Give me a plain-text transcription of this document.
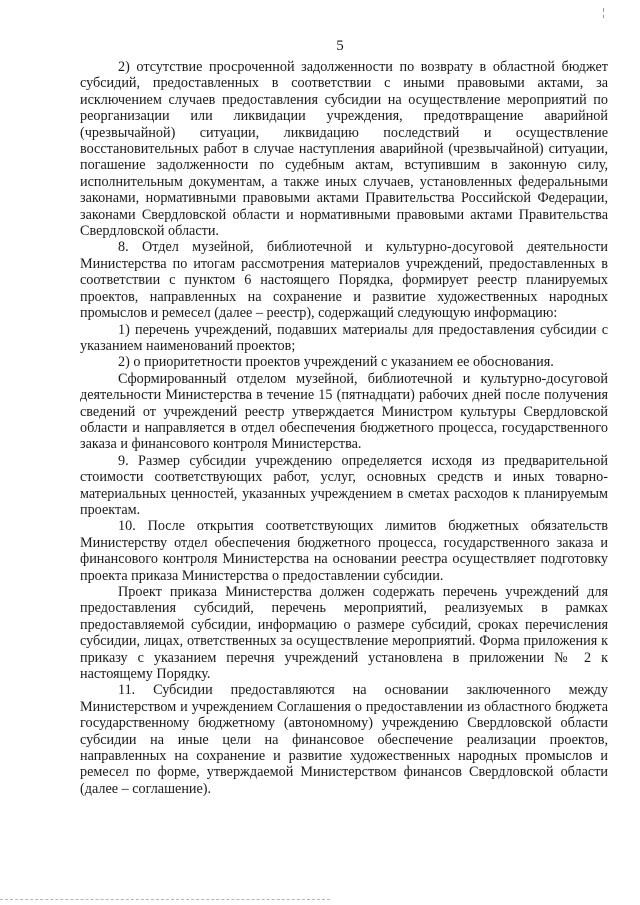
5

2) отсутствие просроченной задолженности по возврату в областной бюджет субсидий, предоставленных в соответствии с иными правовыми актами, за исключением случаев предоставления субсидии на осуществление мероприятий по реорганизации или ликвидации учреждения, предотвращение аварийной (чрезвычайной) ситуации, ликвидацию последствий и осуществление восстановительных работ в случае наступления аварийной (чрезвычайной) ситуации, погашение задолженности по судебным актам, вступившим в законную силу, исполнительным документам, а также иных случаев, установленных федеральными законами, нормативными правовыми актами Правительства Российской Федерации, законами Свердловской области и нормативными правовыми актами Правительства Свердловской области.

8. Отдел музейной, библиотечной и культурно-досуговой деятельности Министерства по итогам рассмотрения материалов учреждений, предоставленных в соответствии с пунктом 6 настоящего Порядка, формирует реестр планируемых проектов, направленных на сохранение и развитие художественных народных промыслов и ремесел (далее – реестр), содержащий следующую информацию:

1) перечень учреждений, подавших материалы для предоставления субсидии с указанием наименований проектов;

2) о приоритетности проектов учреждений с указанием ее обоснования.

Сформированный отделом музейной, библиотечной и культурно-досуговой деятельности Министерства в течение 15 (пятнадцати) рабочих дней после получения сведений от учреждений реестр утверждается Министром культуры Свердловской области и направляется в отдел обеспечения бюджетного процесса, государственного заказа и финансового контроля Министерства.

9. Размер субсидии учреждению определяется исходя из предварительной стоимости соответствующих работ, услуг, основных средств и иных товарно-материальных ценностей, указанных учреждением в сметах расходов к планируемым проектам.

10. После открытия соответствующих лимитов бюджетных обязательств Министерству отдел обеспечения бюджетного процесса, государственного заказа и финансового контроля Министерства на основании реестра осуществляет подготовку проекта приказа Министерства о предоставлении субсидии.

Проект приказа Министерства должен содержать перечень учреждений для предоставления субсидий, перечень мероприятий, реализуемых в рамках предоставляемой субсидии, информацию о размере субсидий, сроках перечисления субсидии, лицах, ответственных за осуществление мероприятий. Форма приложения к приказу с указанием перечня учреждений установлена в приложении № 2 к настоящему Порядку.

11. Субсидии предоставляются на основании заключенного между Министерством и учреждением Соглашения о предоставлении из областного бюджета государственному бюджетному (автономному) учреждению Свердловской области субсидии на иные цели на финансовое обеспечение реализации проектов, направленных на сохранение и развитие художественных народных промыслов и ремесел по форме, утверждаемой Министерством финансов Свердловской области (далее – соглашение).
